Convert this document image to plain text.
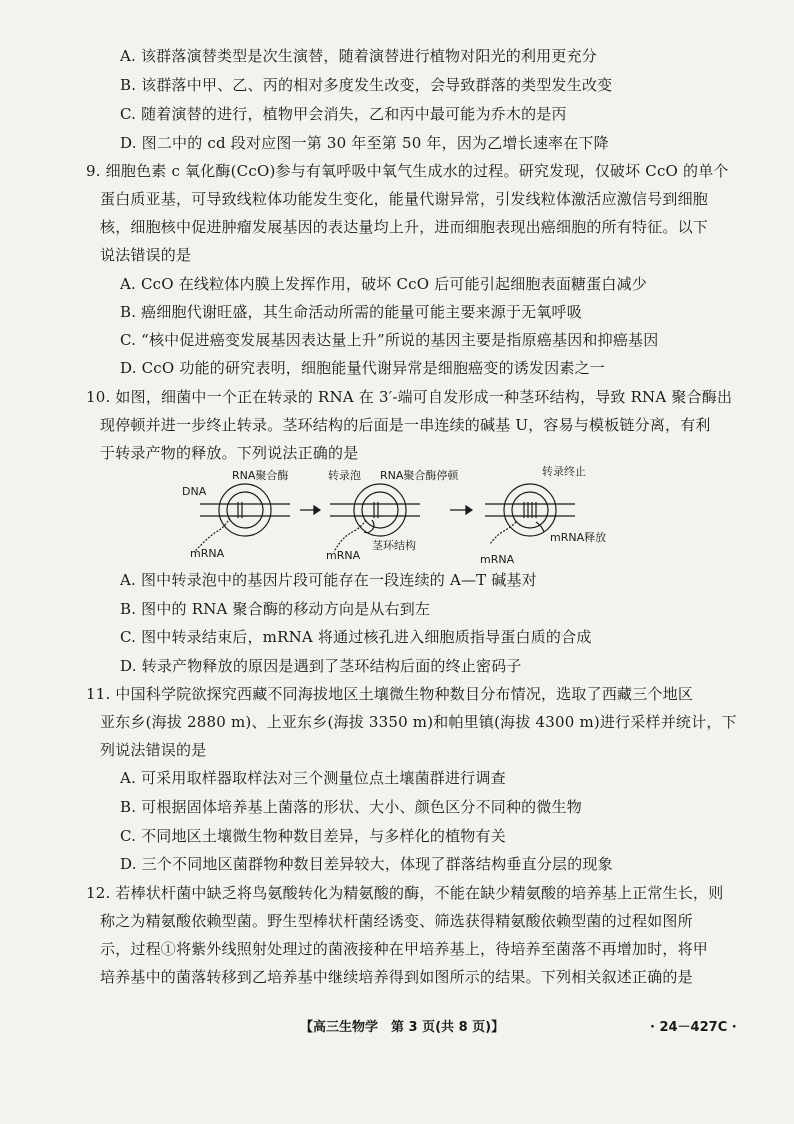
A. 该群落演替类型是次生演替，随着演替进行植物对阳光的利用更充分
B. 该群落中甲、乙、丙的相对多度发生改变，会导致群落的类型发生改变
C. 随着演替的进行，植物甲会消失，乙和丙中最可能为乔木的是丙
D. 图二中的 cd 段对应图一第 30 年至第 50 年，因为乙增长速率在下降
9. 细胞色素 c 氧化酶(CcO)参与有氧呼吸中氧气生成水的过程。研究发现，仅破坏 CcO 的单个
蛋白质亚基，可导致线粒体功能发生变化，能量代谢异常，引发线粒体激活应激信号到细胞
核，细胞核中促进肿瘤发展基因的表达量均上升，进而细胞表现出癌细胞的所有特征。以下
说法错误的是
A. CcO 在线粒体内膜上发挥作用，破坏 CcO 后可能引起细胞表面糖蛋白减少
B. 癌细胞代谢旺盛，其生命活动所需的能量可能主要来源于无氧呼吸
C. “核中促进癌变发展基因表达量上升”所说的基因主要是指原癌基因和抑癌基因
D. CcO 功能的研究表明，细胞能量代谢异常是细胞癌变的诱发因素之一
10. 如图，细菌中一个正在转录的 RNA 在 3′-端可自发形成一种茎环结构，导致 RNA 聚合酶出
现停顿并进一步终止转录。茎环结构的后面是一串连续的碱基 U，容易与模板链分离，有利
于转录产物的释放。下列说法正确的是
DNA
RNA聚合酶
mRNA
转录泡 RNA聚合酶停顿
mRNA
茎环结构
转录终止
mRNA释放
mRNA
A. 图中转录泡中的基因片段可能存在一段连续的 A—T 碱基对
B. 图中的 RNA 聚合酶的移动方向是从右到左
C. 图中转录结束后，mRNA 将通过核孔进入细胞质指导蛋白质的合成
D. 转录产物释放的原因是遇到了茎环结构后面的终止密码子
11. 中国科学院欲探究西藏不同海拔地区土壤微生物种数目分布情况，选取了西藏三个地区
亚东乡(海拔 2880 m)、上亚东乡(海拔 3350 m)和帕里镇(海拔 4300 m)进行采样并统计，下
列说法错误的是
A. 可采用取样器取样法对三个测量位点土壤菌群进行调查
B. 可根据固体培养基上菌落的形状、大小、颜色区分不同种的微生物
C. 不同地区土壤微生物种数目差异，与多样化的植物有关
D. 三个不同地区菌群物种数目差异较大，体现了群落结构垂直分层的现象
12. 若棒状杆菌中缺乏将鸟氨酸转化为精氨酸的酶，不能在缺少精氨酸的培养基上正常生长，则
称之为精氨酸依赖型菌。野生型棒状杆菌经诱变、筛选获得精氨酸依赖型菌的过程如图所
示，过程①将紫外线照射处理过的菌液接种在甲培养基上，待培养至菌落不再增加时，将甲
培养基中的菌落转移到乙培养基中继续培养得到如图所示的结果。下列相关叙述正确的是
【高三生物学　第 3 页(共 8 页)】	· 24－427C ·
